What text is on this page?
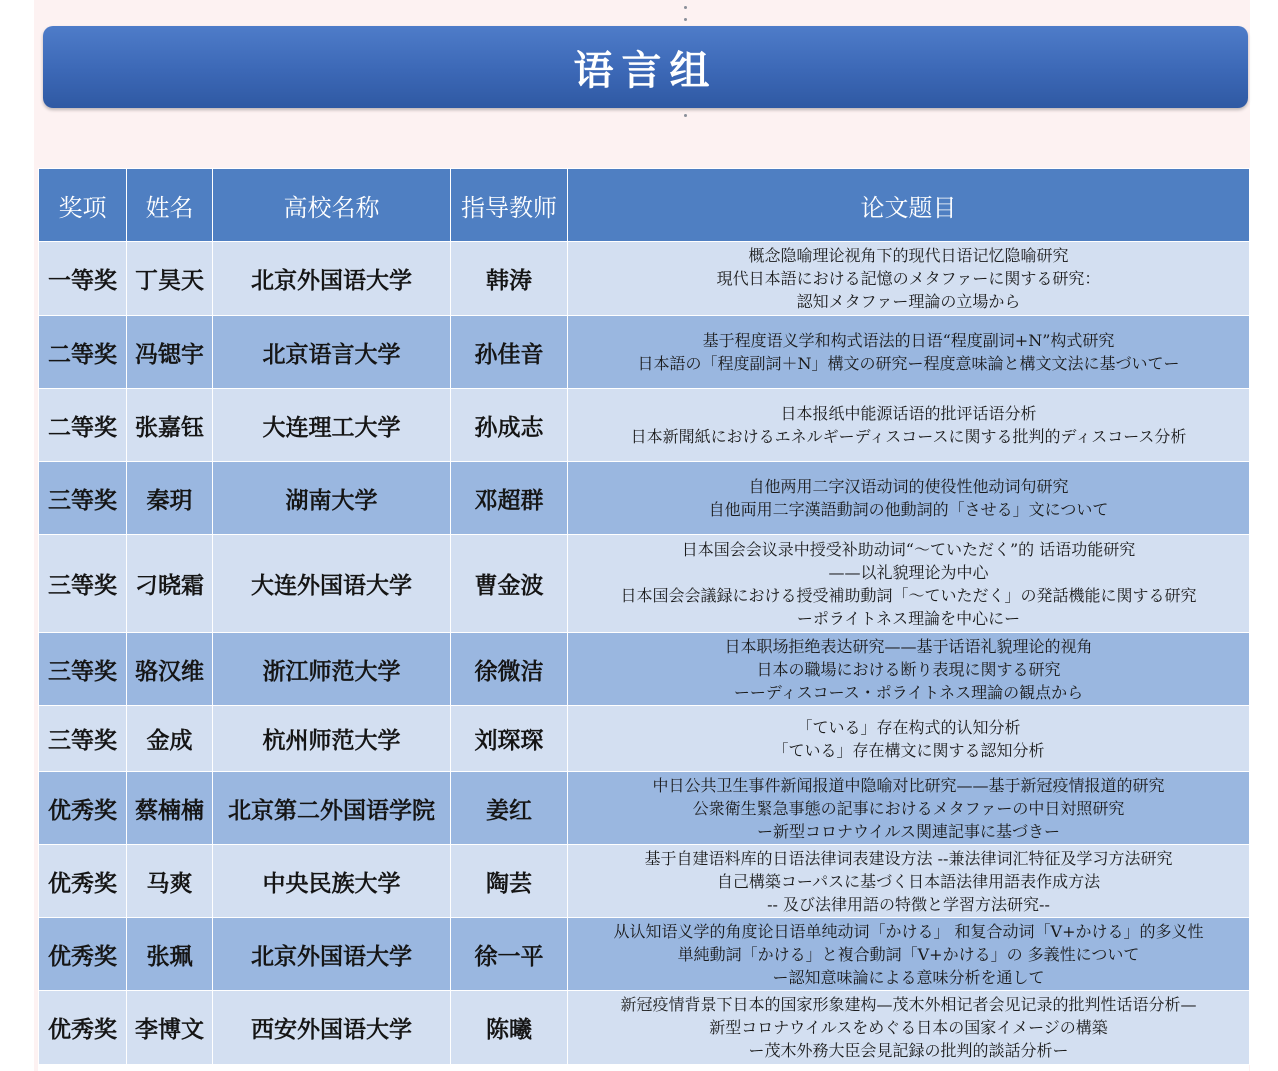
语言组
奖项	姓名	高校名称	指导教师	论文题目
一等奖	丁昊天	北京外国语大学	韩涛	概念隐喻理论视角下的现代日语记忆隐喻研究
現代日本語における記憶のメタファーに関する研究：
認知メタファー理論の立場から

二等奖	冯锶宇	北京语言大学	孙佳音	基于程度语义学和构式语法的日语“程度副词+N”构式研究
日本語の「程度副詞＋N」構文の研究ー程度意味論と構文文法に基づいてー

二等奖	张嘉钰	大连理工大学	孙成志	日本报纸中能源话语的批评话语分析
日本新聞紙におけるエネルギーディスコースに関する批判的ディスコース分析

三等奖	秦玥	湖南大学	邓超群	自他两用二字汉语动词的使役性他动词句研究
自他両用二字漢語動詞の他動詞的「させる」文について

三等奖	刁晓霜	大连外国语大学	曹金波	日本国会会议录中授受补助动词“～ていただく”的 话语功能研究
——以礼貌理论为中心
日本国会会議録における授受補助動詞「～ていただく」の発話機能に関する研究
ーポライトネス理論を中心にー

三等奖	骆汉维	浙江师范大学	徐微洁	日本职场拒绝表达研究——基于话语礼貌理论的视角
日本の職場における断り表現に関する研究
ーーディスコース・ポライトネス理論の観点から

三等奖	金成	杭州师范大学	刘琛琛	「ている」存在构式的认知分析
「ている」存在構文に関する認知分析

优秀奖	蔡楠楠	北京第二外国语学院	姜红	中日公共卫生事件新闻报道中隐喻对比研究——基于新冠疫情报道的研究
公衆衛生緊急事態の記事におけるメタファーの中日対照研究
ー新型コロナウイルス関連記事に基づきー

优秀奖	马爽	中央民族大学	陶芸	基于自建语料库的日语法律词表建设方法 --兼法律词汇特征及学习方法研究
自己構築コーパスに基づく日本語法律用語表作成方法
-- 及び法律用語の特徴と学習方法研究--

优秀奖	张珮	北京外国语大学	徐一平	从认知语义学的角度论日语单纯动词「かける」 和复合动词「V+かける」的多义性
単純動詞「かける」と複合動詞「V+かける」の 多義性について
ー認知意味論による意味分析を通して

优秀奖	李博文	西安外国语大学	陈曦	新冠疫情背景下日本的国家形象建构—茂木外相记者会见记录的批判性话语分析—
新型コロナウイルスをめぐる日本の国家イメージの構築
ー茂木外務大臣会見記録の批判的談話分析ー
